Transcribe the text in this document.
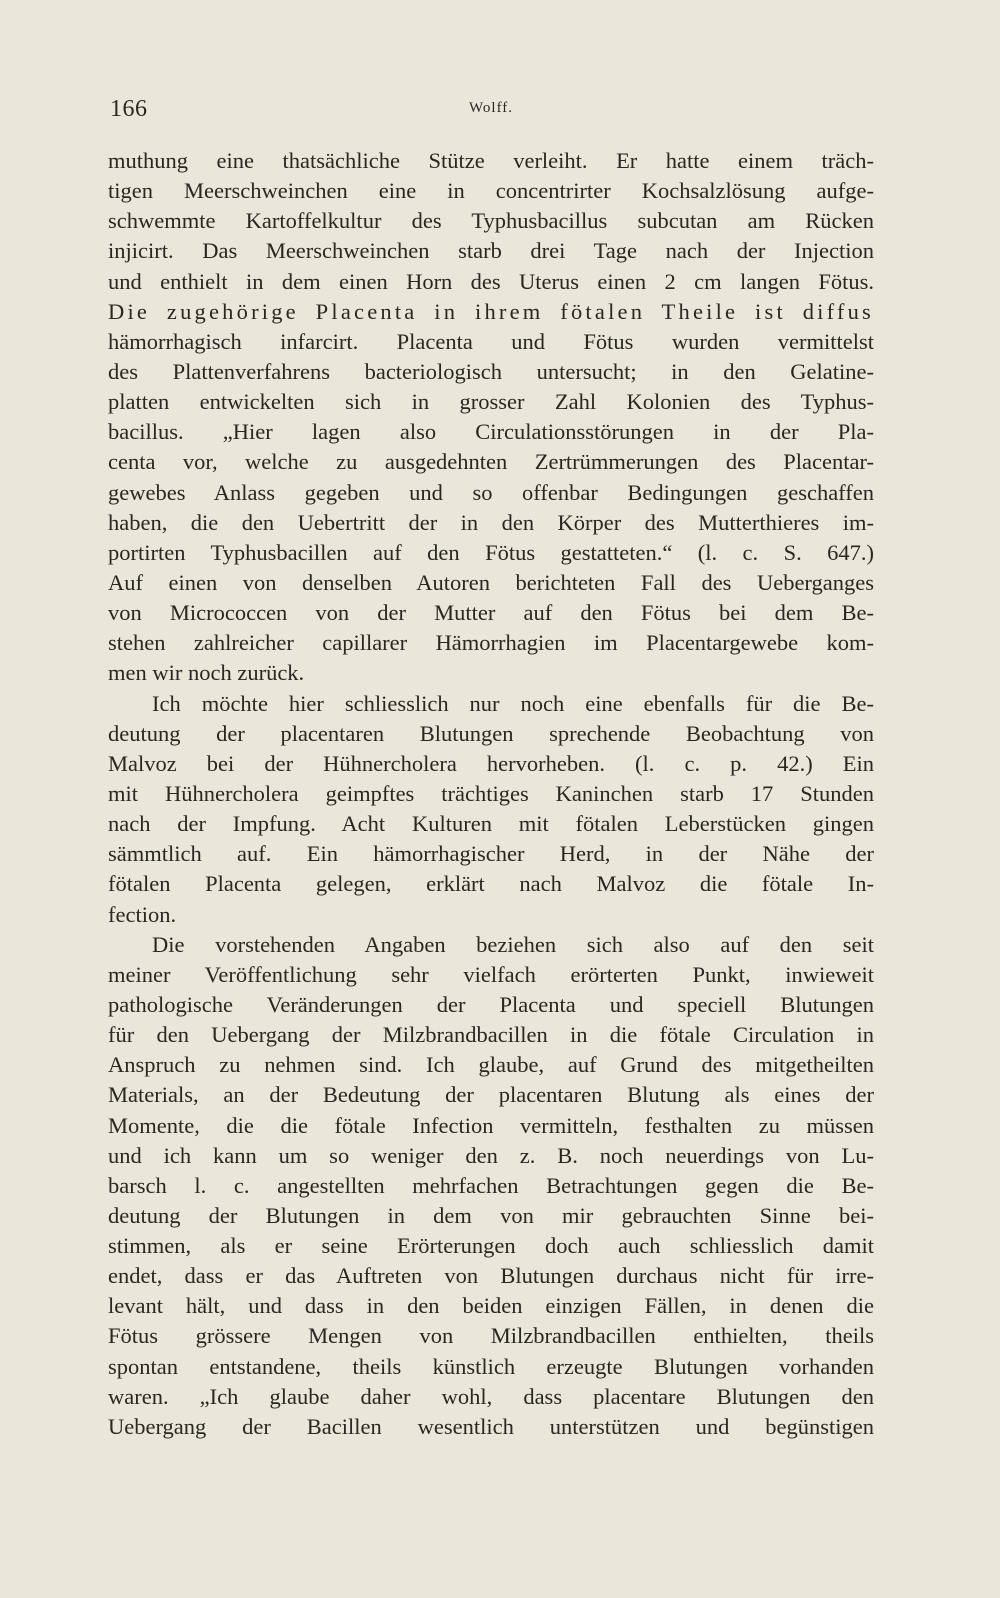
166	Wolff.
muthung eine thatsächliche Stütze verleiht. Er hatte einem träch-
tigen Meerschweinchen eine in concentrirter Kochsalzlösung aufge-
schwemmte Kartoffelkultur des Typhusbacillus subcutan am Rücken
injicirt. Das Meerschweinchen starb drei Tage nach der Injection
und enthielt in dem einen Horn des Uterus einen 2 cm langen Fötus.
Die zugehörige Placenta in ihrem fötalen Theile ist diffus
hämorrhagisch infarcirt. Placenta und Fötus wurden vermittelst
des Plattenverfahrens bacteriologisch untersucht; in den Gelatine-
platten entwickelten sich in grosser Zahl Kolonien des Typhus-
bacillus. „Hier lagen also Circulationsstörungen in der Pla-
centa vor, welche zu ausgedehnten Zertrümmerungen des Placentar-
gewebes Anlass gegeben und so offenbar Bedingungen geschaffen
haben, die den Uebertritt der in den Körper des Mutterthieres im-
portirten Typhusbacillen auf den Fötus gestatteten.“ (l. c. S. 647.)
Auf einen von denselben Autoren berichteten Fall des Ueberganges
von Micrococcen von der Mutter auf den Fötus bei dem Be-
stehen zahlreicher capillarer Hämorrhagien im Placentargewebe kom-
men wir noch zurück.
Ich möchte hier schliesslich nur noch eine ebenfalls für die Be-
deutung der placentaren Blutungen sprechende Beobachtung von
Malvoz bei der Hühnercholera hervorheben. (l. c. p. 42.) Ein
mit Hühnercholera geimpftes trächtiges Kaninchen starb 17 Stunden
nach der Impfung. Acht Kulturen mit fötalen Leberstücken gingen
sämmtlich auf. Ein hämorrhagischer Herd, in der Nähe der
fötalen Placenta gelegen, erklärt nach Malvoz die fötale In-
fection.
Die vorstehenden Angaben beziehen sich also auf den seit
meiner Veröffentlichung sehr vielfach erörterten Punkt, inwieweit
pathologische Veränderungen der Placenta und speciell Blutungen
für den Uebergang der Milzbrandbacillen in die fötale Circulation in
Anspruch zu nehmen sind. Ich glaube, auf Grund des mitgetheilten
Materials, an der Bedeutung der placentaren Blutung als eines der
Momente, die die fötale Infection vermitteln, festhalten zu müssen
und ich kann um so weniger den z. B. noch neuerdings von Lu-
barsch l. c. angestellten mehrfachen Betrachtungen gegen die Be-
deutung der Blutungen in dem von mir gebrauchten Sinne bei-
stimmen, als er seine Erörterungen doch auch schliesslich damit
endet, dass er das Auftreten von Blutungen durchaus nicht für irre-
levant hält, und dass in den beiden einzigen Fällen, in denen die
Fötus grössere Mengen von Milzbrandbacillen enthielten, theils
spontan entstandene, theils künstlich erzeugte Blutungen vorhanden
waren. „Ich glaube daher wohl, dass placentare Blutungen den
Uebergang der Bacillen wesentlich unterstützen und begünstigen
